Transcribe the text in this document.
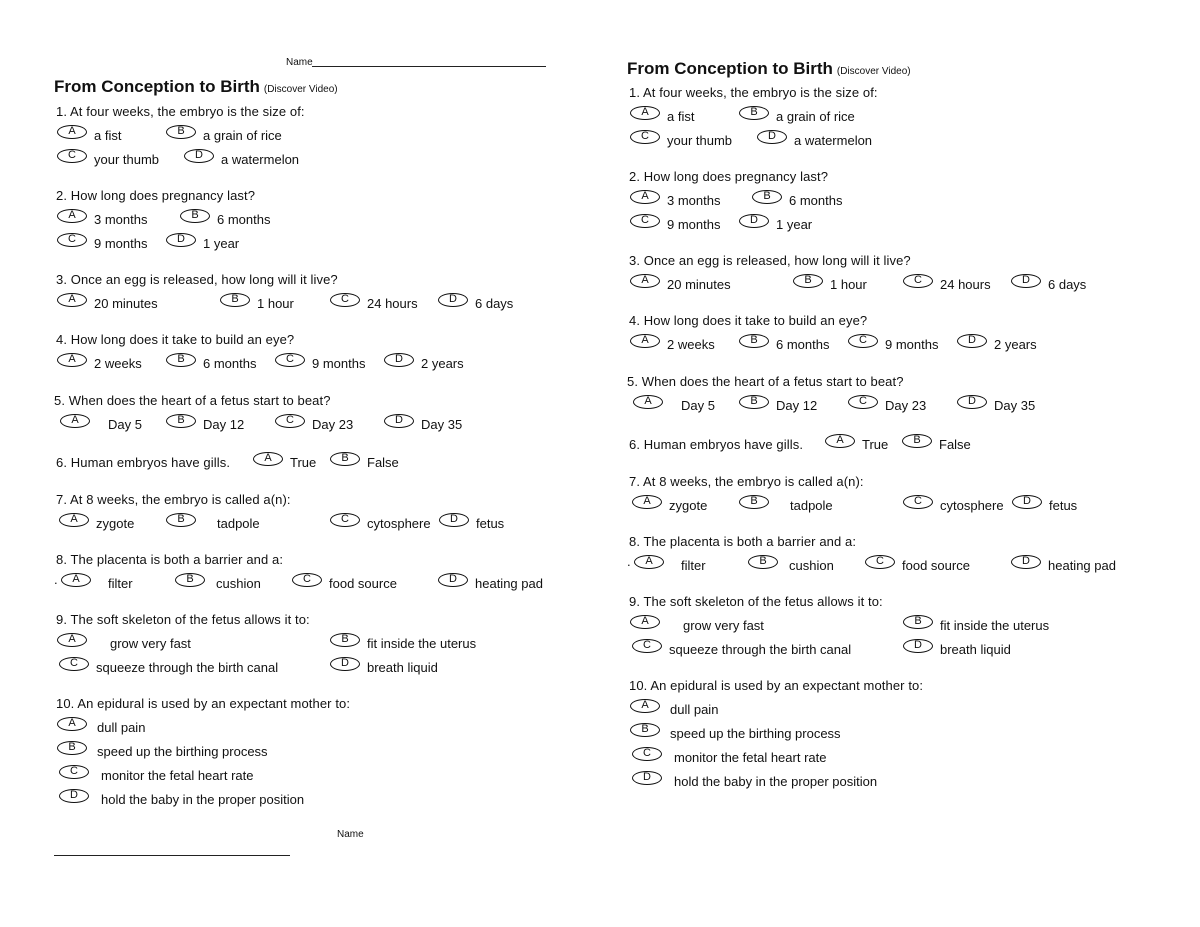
Name
From Conception to Birth (Discover Video)
1. At four weeks, the embryo is the size of:
A	a fist	B	a grain of rice
C	your thumb	D	a watermelon
2. How long does pregnancy last?
A	3 months	B	6 months
C	9 months	D	1 year
3. Once an egg is released, how long will it live?
A	20 minutes	B	1 hour	C	24 hours	D	6 days
4. How long does it take to build an eye?
A	2 weeks	B	6 months	C	9 months	D	2 years
5. When does the heart of a fetus start to beat?
A	Day 5	B	Day 12	C	Day 23	D	Day 35
6. Human embryos have gills.	A	True	B	False
7. At 8 weeks, the embryo is called a(n):
A	zygote	B	tadpole	C	cytosphere	D	fetus
8. The placenta is both a barrier and a:
.	A	filter	B	cushion	C	food source	D	heating pad
9. The soft skeleton of the fetus allows it to:
A	grow very fast	B	fit inside the uterus
C	squeeze through the birth canal	D	breath liquid
10. An epidural is used by an expectant mother to:
A	dull pain
B	speed up the birthing process
C	monitor the fetal heart rate
D	hold the baby in the proper position
Name
From Conception to Birth (Discover Video)
1. At four weeks, the embryo is the size of:
A	a fist	B	a grain of rice
C	your thumb	D	a watermelon
2. How long does pregnancy last?
A	3 months	B	6 months
C	9 months	D	1 year
3. Once an egg is released, how long will it live?
A	20 minutes	B	1 hour	C	24 hours	D	6 days
4. How long does it take to build an eye?
A	2 weeks	B	6 months	C	9 months	D	2 years
5. When does the heart of a fetus start to beat?
A	Day 5	B	Day 12	C	Day 23	D	Day 35
6. Human embryos have gills.	A	True	B	False
7. At 8 weeks, the embryo is called a(n):
A	zygote	B	tadpole	C	cytosphere	D	fetus
8. The placenta is both a barrier and a:
.	A	filter	B	cushion	C	food source	D	heating pad
9. The soft skeleton of the fetus allows it to:
A	grow very fast	B	fit inside the uterus
C	squeeze through the birth canal	D	breath liquid
10. An epidural is used by an expectant mother to:
A	dull pain
B	speed up the birthing process
C	monitor the fetal heart rate
D	hold the baby in the proper position
